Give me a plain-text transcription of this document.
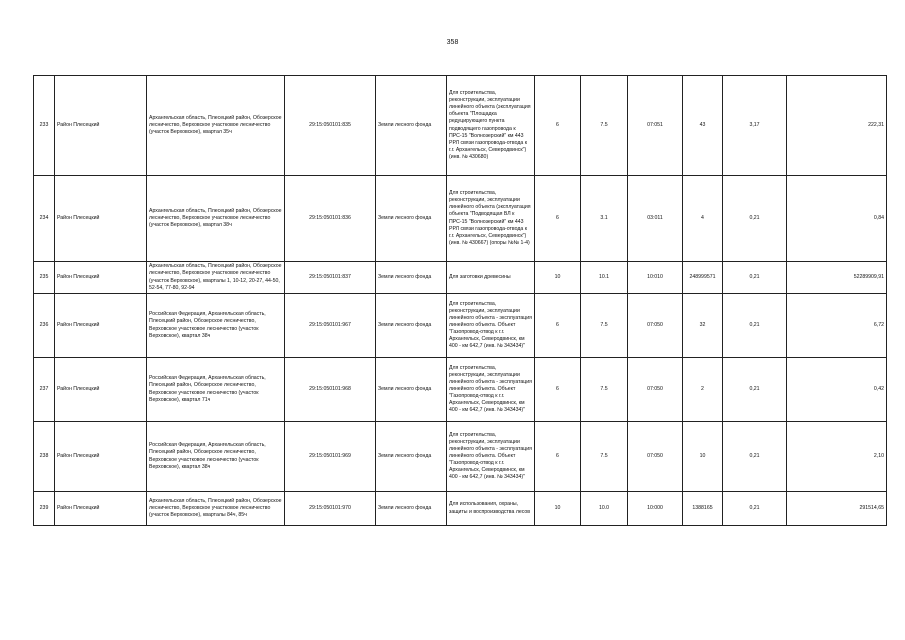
358
233	Район Плесецкий	Архангельская область, Плесецкий район, Обозерское лесничество, Верховское участковое лесничество (участок Верховское), квартал 35ч	29:15:050101:835	Земли лесного фонда	Для строительства, реконструкции, эксплуатации линейного объекта (эксплуатация объекта "Площадка редуцирующего пункта подводящего газопровода к ПРС-15 "Волнозерский" км 443 РРЛ связи газопровода-отвода к г.г. Архангельск, Северодвинск") (инв. № 430680)	6	7.5	07:051	43	3,17	222,31
234	Район Плесецкий	Архангельская область, Плесецкий район, Обозерское лесничество, Верховское участковое лесничество (участок Верховское), квартал 38ч	29:15:050101:836	Земли лесного фонда	Для строительства, реконструкции, эксплуатации линейного объекта (эксплуатация объекта "Подводящая ВЛ к ПРС-15 "Волнозерский" км 443 РРЛ связи газопровода-отвода к г.г. Архангельск, Северодвинск") (инв. № 430667) (опоры №№ 1-4)	6	3.1	03:011	4	0,21	0,84
235	Район Плесецкий	Архангельская область, Плесецкий район, Обозерское лесничество, Верховское участковое лесничество (участок Верховское), кварталы 1, 10-12, 20-27, 44-50, 52-54, 77-80, 92-94	29:15:050101:837	Земли лесного фонда	Для заготовки древесины	10	10.1	10:010	248999571	0,21	52289909,91
236	Район Плесецкий	Российская Федерация, Архангельская область, Плесецкий район, Обозерское лесничество, Верховское участковое лесничество (участок Верховское), квартал 38ч	29:15:050101:967	Земли лесного фонда	Для строительства, реконструкции, эксплуатации линейного объекта - эксплуатация линейного объекта. Объект "Газопровод-отвод к г.г. Архангельск, Северодвинск, км 400 - км 642,7 (инв. № 343434)"	6	7.5	07:050	32	0,21	6,72
237	Район Плесецкий	Российская Федерация, Архангельская область, Плесецкий район, Обозерское лесничество, Верховское участковое лесничество (участок Верховское), квартал 71ч	29:15:050101:968	Земли лесного фонда	Для строительства, реконструкции, эксплуатации линейного объекта - эксплуатация линейного объекта. Объект "Газопровод-отвод к г.г. Архангельск, Северодвинск, км 400 - км 642,7 (инв. № 343434)"	6	7.5	07:050	2	0,21	0,42
238	Район Плесецкий	Российская Федерация, Архангельская область, Плесецкий район, Обозерское лесничество, Верховское участковое лесничество (участок Верховское), квартал 38ч	29:15:050101:969	Земли лесного фонда	Для строительства, реконструкции, эксплуатации линейного объекта - эксплуатация линейного объекта. Объект "Газопровод-отвод к г.г. Архангельск, Северодвинск, км 400 - км 642,7 (инв. № 343434)"	6	7.5	07:050	10	0,21	2,10
239	Район Плесецкий	Архангельская область, Плесецкий район, Обозерское лесничество, Верховское участковое лесничество (участок Верховское), кварталы 84ч, 85ч	29:15:050101:970	Земли лесного фонда	Для использования, охраны, защиты и воспроизводства лесов	10	10.0	10:000	1388165	0,21	291514,65
